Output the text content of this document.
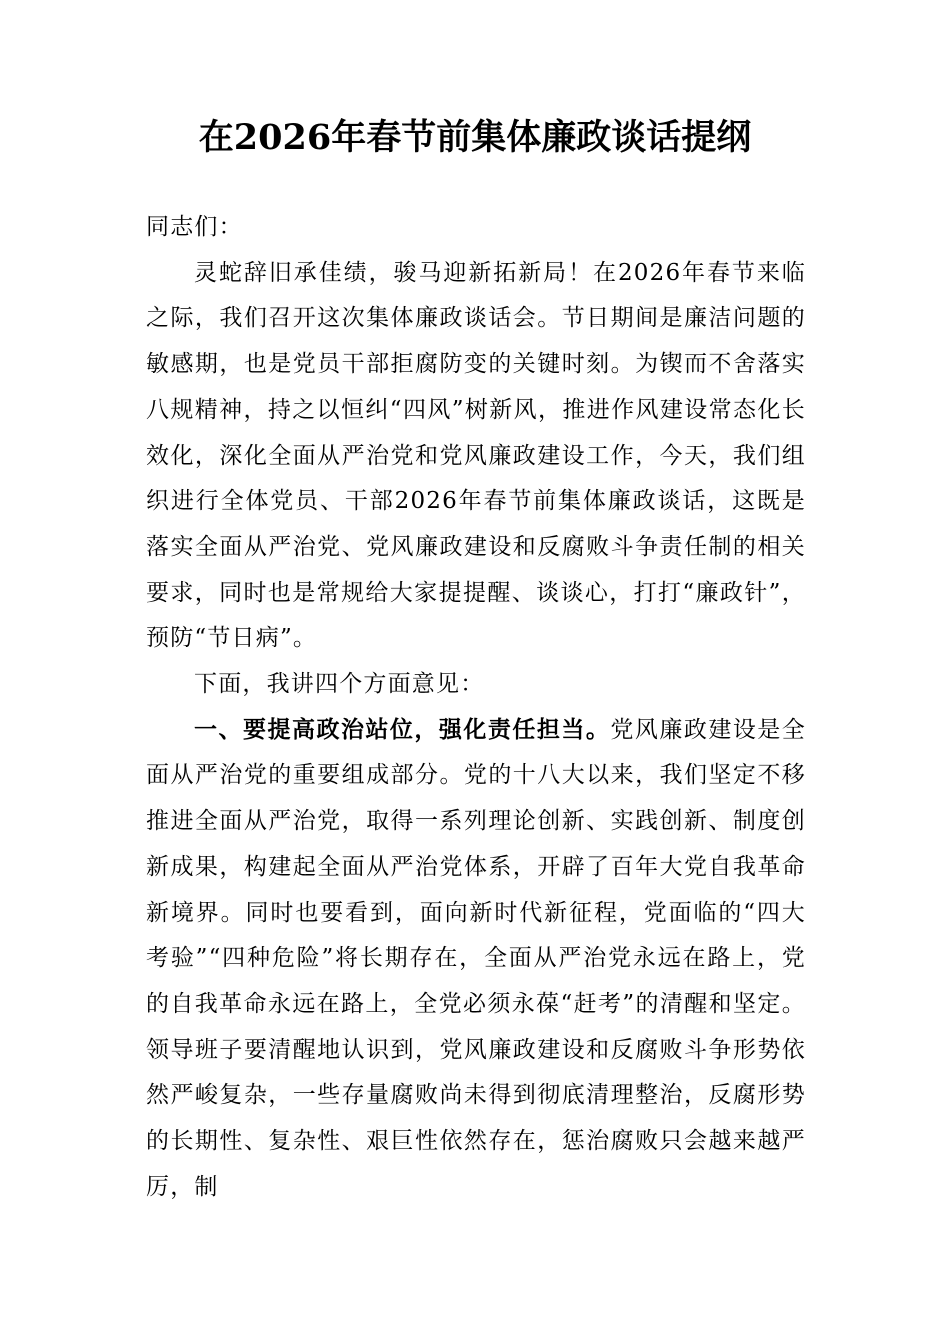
在2026年春节前集体廉政谈话提纲

同志们：

灵蛇辞旧承佳绩，骏马迎新拓新局！在2026年春节来临之际，我们召开这次集体廉政谈话会。节日期间是廉洁问题的敏感期，也是党员干部拒腐防变的关键时刻。为锲而不舍落实八规精神，持之以恒纠“四风”树新风，推进作风建设常态化长效化，深化全面从严治党和党风廉政建设工作，今天，我们组织进行全体党员、干部2026年春节前集体廉政谈话，这既是落实全面从严治党、党风廉政建设和反腐败斗争责任制的相关要求，同时也是常规给大家提提醒、谈谈心，打打“廉政针”，预防“节日病”。

下面，我讲四个方面意见：

一、要提高政治站位，强化责任担当。党风廉政建设是全面从严治党的重要组成部分。党的十八大以来，我们坚定不移推进全面从严治党，取得一系列理论创新、实践创新、制度创新成果，构建起全面从严治党体系，开辟了百年大党自我革命新境界。同时也要看到，面向新时代新征程，党面临的“四大考验”“四种危险”将长期存在，全面从严治党永远在路上，党的自我革命永远在路上，全党必须永葆“赶考”的清醒和坚定。领导班子要清醒地认识到，党风廉政建设和反腐败斗争形势依然严峻复杂，一些存量腐败尚未得到彻底清理整治，反腐形势的长期性、复杂性、艰巨性依然存在，惩治腐败只会越来越严厉，制
